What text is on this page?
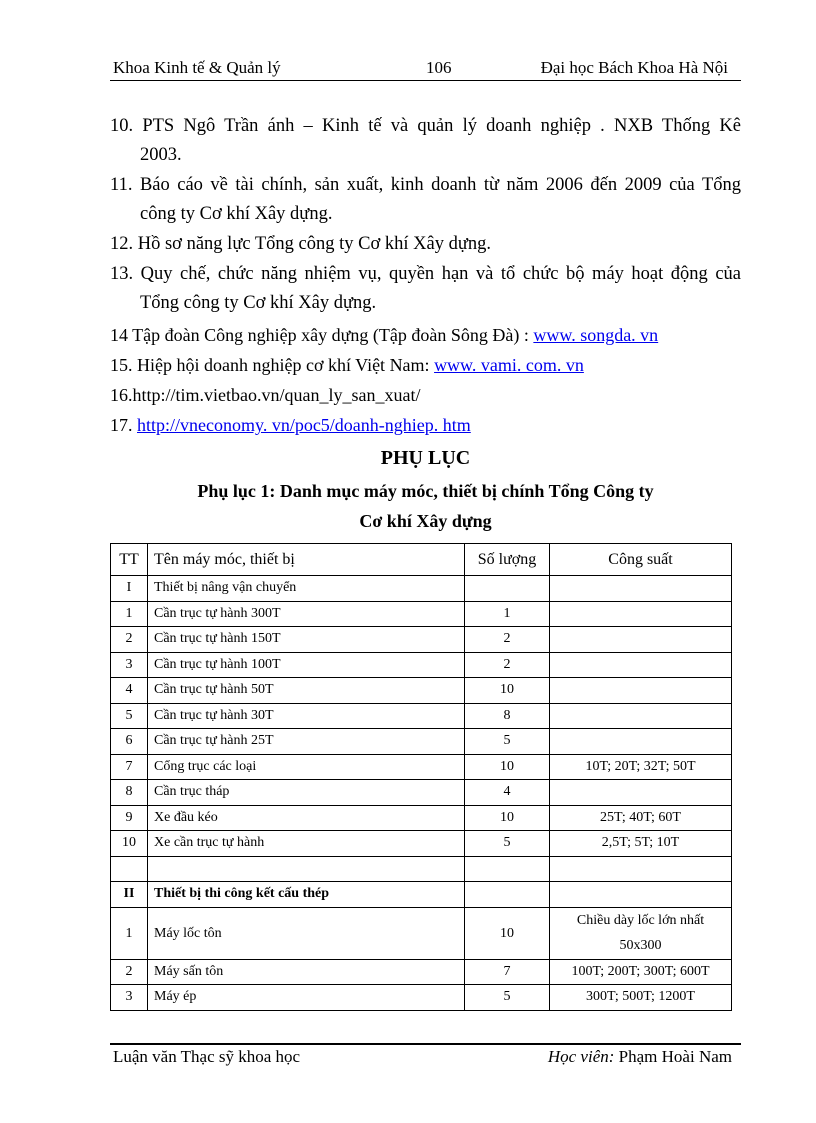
Khoa Kinh tế & Quản lý	106	Đại học Bách Khoa Hà Nội
10. PTS Ngô Trần ánh – Kinh tế và quản lý doanh nghiệp . NXB Thống Kê
2003.
11. Báo cáo về tài chính, sản xuất, kinh doanh từ năm 2006 đến 2009 của Tổng
công ty Cơ khí Xây dựng.
12. Hồ sơ năng lực Tổng công ty Cơ khí Xây dựng.
13. Quy chế, chức năng nhiệm vụ, quyền hạn và tổ chức bộ máy hoạt động của
Tổng công ty Cơ khí Xây dựng.
14 Tập đoàn Công nghiệp xây dựng (Tập đoàn Sông Đà) : www. songda. vn
15. Hiệp hội doanh nghiệp cơ khí Việt Nam: www. vami. com. vn
16.http://tim.vietbao.vn/quan_ly_san_xuat/
17. http://vneconomy. vn/poc5/doanh-nghiep. htm
PHỤ LỤC
Phụ lục 1: Danh mục máy móc, thiết bị chính Tổng Công ty
Cơ khí Xây dựng
TT	Tên máy móc, thiết bị	Số lượng	Công suất
I	Thiết bị nâng vận chuyển		
1	Cần trục tự hành 300T	1	
2	Cần trục tự hành 150T	2	
3	Cần trục tự hành 100T	2	
4	Cần trục tự hành 50T	10	
5	Cần trục tự hành 30T	8	
6	Cần trục tự hành 25T	5	
7	Cổng trục các loại	10	10T; 20T; 32T; 50T
8	Cần trục tháp	4	
9	Xe đầu kéo	10	25T; 40T; 60T
10	Xe cần trục tự hành	5	2,5T; 5T; 10T

II	Thiết bị thi công kết cấu thép		
1	Máy lốc tôn	10	Chiều dày lốc lớn nhất 50x300
2	Máy sấn tôn	7	100T; 200T; 300T; 600T
3	Máy ép	5	300T; 500T; 1200T
Luận văn Thạc sỹ khoa học	Học viên: Phạm Hoài Nam
